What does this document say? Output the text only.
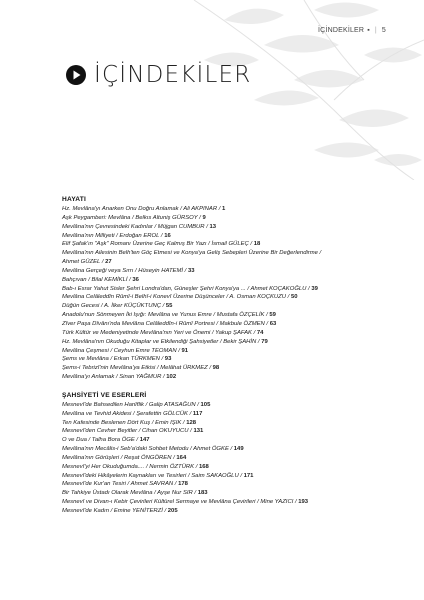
İÇİNDEKİLER ▪ | 5
İÇİNDEKİLER
HAYATI
Hz. Mevlâna'yı Anarken Onu Doğru Anlamak / Ali AKPINAR / 1
Aşk Peygamberi: Mevlâna / Belkıs Altuniş GÜRSOY / 9
Mevlâna'nın Çevresindeki Kadınlar / Müjgan CUMBUR / 13
Mevlâna'nın Milliyeti / Erdoğan EROL / 16
Elif Şafak'ın "Aşk" Romanı Üzerine Geç Kalmış Bir Yazı / İsmail GÜLEÇ / 18
Mevlâna'nın Ailesinin Belh'ten Göç Etmesi ve Konya'ya Geliş Sebepleri Üzerine Bir Değerlendirme /
Ahmet GÜZEL / 27
Mevlâna Gerçeği veya Sırrı / Hüseyin HATEMİ / 33
Bahçıvan / Bilal KEMİKLİ / 36
Bab-ı Esrar Yahut Sisler Şehri Londra'dan, Güneşler Şehri Konya'ya ... / Ahmet KOÇAKOĞLU / 39
Mevlâna Celâleddîn Rûmî-i Belhî-i Konevî Üzerine Düşünceler / A. Osman KOÇKUZU / 50
Düğün Gecesi / A. İlker KÜÇÜKTUNÇ / 55
Anadolu'nun Sönmeyen İki Işığı: Mevlâna ve Yunus Emre / Mustafa ÖZÇELİK / 59
Zîver Paşa Dîvânı'nda Mevlâna Celâleddîn-i Rûmî Portresi / Makbule ÖZMEN / 63
Türk Kültür ve Medeniyetinde Mevlâna'nın Yeri ve Önemi / Yakup ŞAFAK / 74
Hz. Mevlâna'nın Okuduğu Kitaplar ve Etkilendiği Şahsiyetler / Bekir ŞAHİN / 79
Mevlâna Çeşmesi / Ceyhun Emre TEOMAN / 91
Şems ve Mevlâna / Erkan TÜRKMEN / 93
Şems-i Tebrizî'nin Mevlâna'ya Etkisi / Melâhat ÜRKMEZ / 98
Mevlâna'yı Anlamak / Sinan YAĞMUR / 102
ŞAHSİYETİ VE ESERLERİ
Mesnevî'de Bahsedilen Hanîflik / Galip ATASAĞUN / 105
Mevlâna ve Tevhid Akidesi / Şerafettin GÖLCÜK / 117
Ten Kafesinde Beslenen Dört Kuş / Emin IŞIK / 128
Mesnevî'den Cevher Beyitler / Cihan OKUYUCU / 131
O ve Dua / Talha Bora ÖGE / 147
Mevlâna'nın Mecâlis-i Seb'a'daki Sohbet Metodu / Ahmet ÖGKE / 149
Mevlâna'nın Görüşleri / Reşat ÖNGÖREN / 164
Mesnevî'yi Her Okuduğumda.... / Nermin ÖZTÜRK / 168
Mesnevî'deki Hikâyelerin Kaynakları ve Tesirleri / Saim SAKAOĞLU / 171
Mesnevî'de Kur'an Tesiri / Ahmet SAVRAN / 178
Bir Tahkiye Üstadı Olarak Mevlâna / Ayşe Nur SIR / 183
Mesnevî ve Divan-ı Kebir Çevirileri Kültürel Sermaye ve Mevlâna Çevirileri / Mine YAZICI / 193
Mesnevî'de Kadın / Emine YENİTERZİ / 205
